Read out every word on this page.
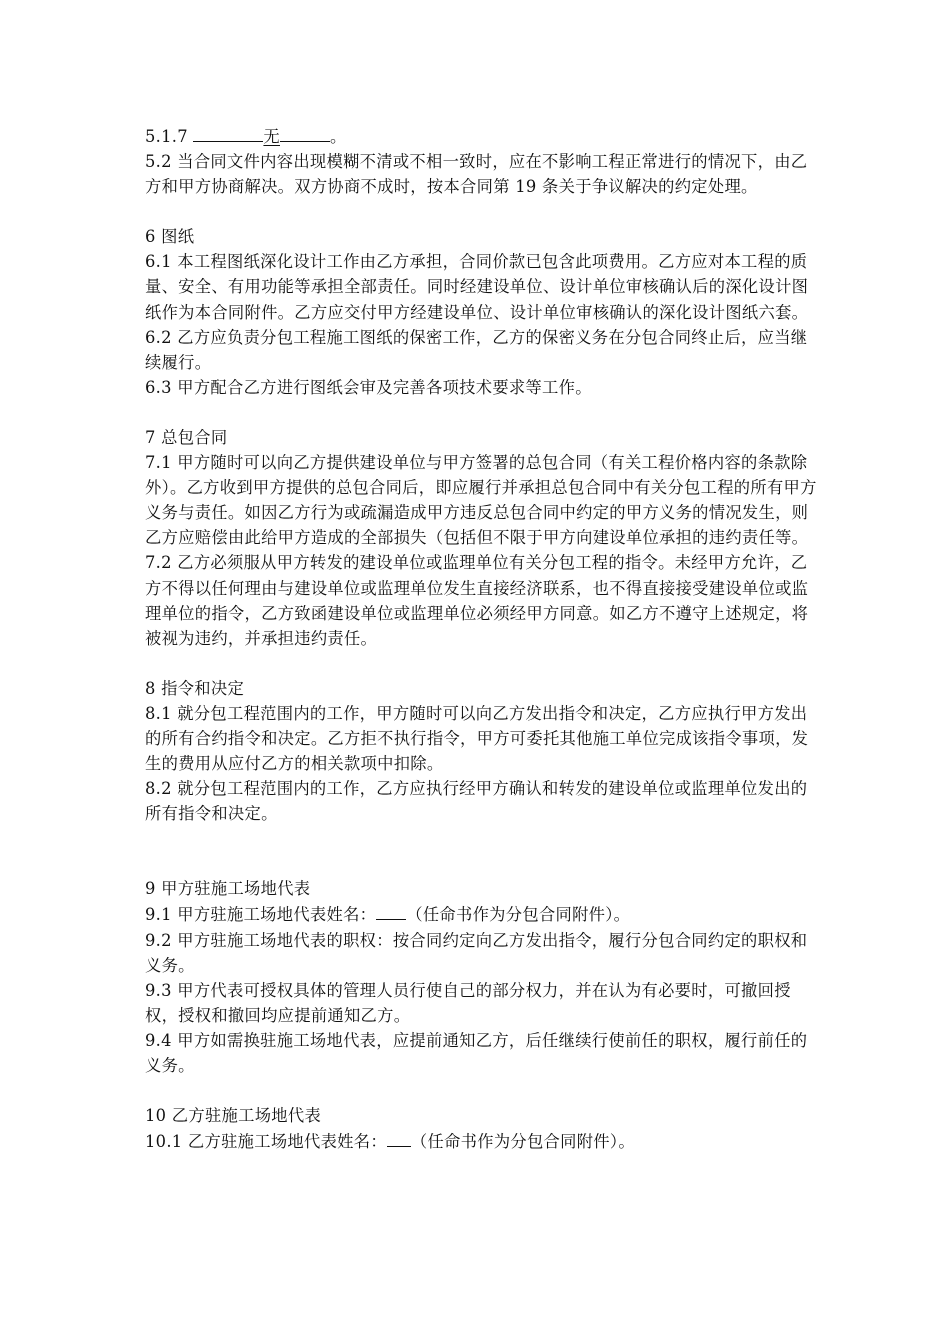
5.1.7	无	。

5.2 当合同文件内容出现模糊不清或不相一致时，应在不影响工程正常进行的情况下，由乙方和甲方协商解决。双方协商不成时，按本合同第 19 条关于争议解决的约定处理。

6 图纸

6.1 本工程图纸深化设计工作由乙方承担，合同价款已包含此项费用。乙方应对本工程的质量、安全、有用功能等承担全部责任。同时经建设单位、设计单位审核确认后的深化设计图纸作为本合同附件。乙方应交付甲方经建设单位、设计单位审核确认的深化设计图纸六套。

6.2 乙方应负责分包工程施工图纸的保密工作，乙方的保密义务在分包合同终止后，应当继续履行。

6.3 甲方配合乙方进行图纸会审及完善各项技术要求等工作。

7 总包合同

7.1 甲方随时可以向乙方提供建设单位与甲方签署的总包合同（有关工程价格内容的条款除外）。乙方收到甲方提供的总包合同后，即应履行并承担总包合同中有关分包工程的所有甲方义务与责任。如因乙方行为或疏漏造成甲方违反总包合同中约定的甲方义务的情况发生，则乙方应赔偿由此给甲方造成的全部损失（包括但不限于甲方向建设单位承担的违约责任等。

7.2 乙方必须服从甲方转发的建设单位或监理单位有关分包工程的指令。未经甲方允许，乙方不得以任何理由与建设单位或监理单位发生直接经济联系，也不得直接接受建设单位或监理单位的指令，乙方致函建设单位或监理单位必须经甲方同意。如乙方不遵守上述规定，将被视为违约，并承担违约责任。

8 指令和决定

8.1 就分包工程范围内的工作，甲方随时可以向乙方发出指令和决定，乙方应执行甲方发出的所有合约指令和决定。乙方拒不执行指令，甲方可委托其他施工单位完成该指令事项，发生的费用从应付乙方的相关款项中扣除。

8.2 就分包工程范围内的工作，乙方应执行经甲方确认和转发的建设单位或监理单位发出的所有指令和决定。

9 甲方驻施工场地代表

9.1 甲方驻施工场地代表姓名： （任命书作为分包合同附件）。

9.2 甲方驻施工场地代表的职权：按合同约定向乙方发出指令，履行分包合同约定的职权和义务。

9.3 甲方代表可授权具体的管理人员行使自己的部分权力，并在认为有必要时，可撤回授权，授权和撤回均应提前通知乙方。

9.4 甲方如需换驻施工场地代表，应提前通知乙方，后任继续行使前任的职权，履行前任的义务。

10 乙方驻施工场地代表

10.1 乙方驻施工场地代表姓名： （任命书作为分包合同附件）。
